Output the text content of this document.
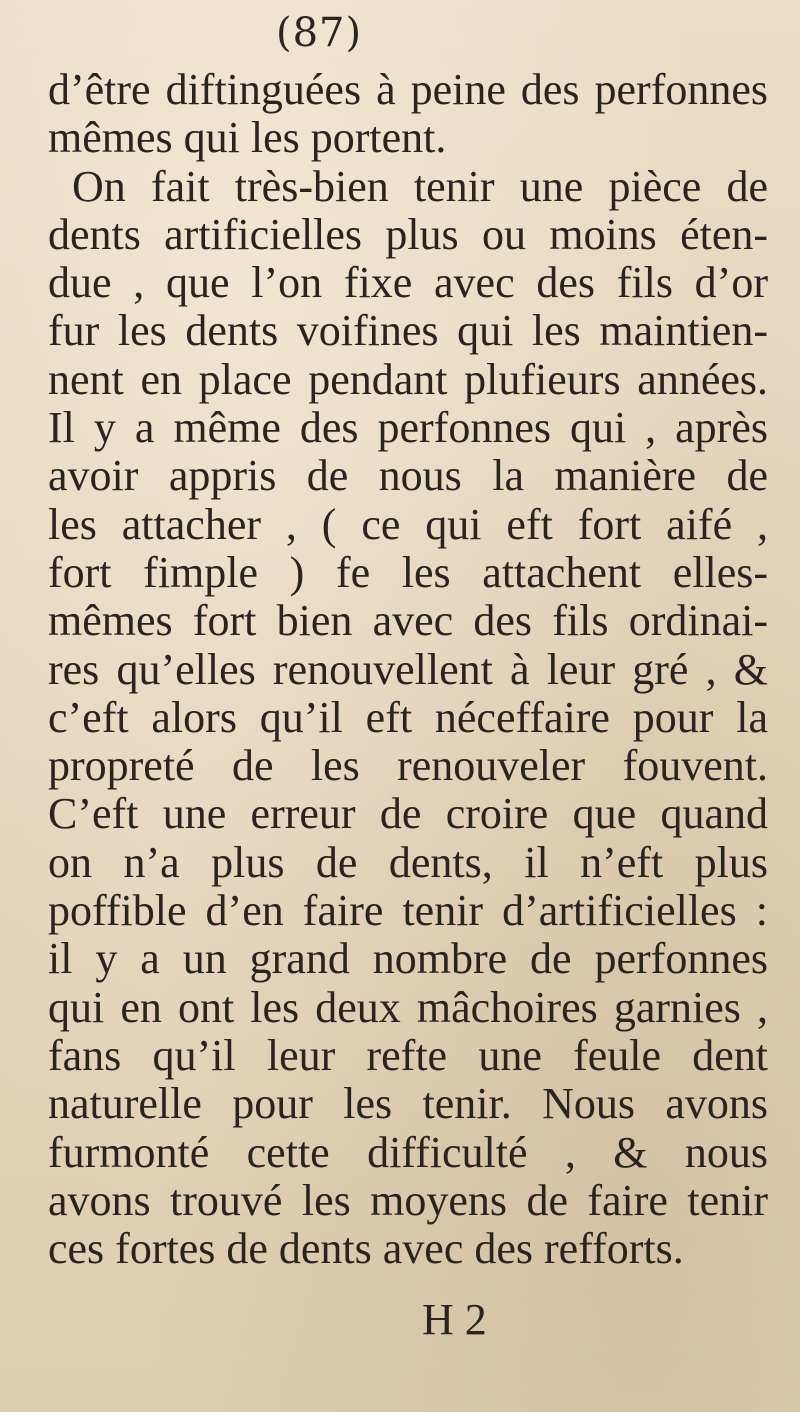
(87)
d’être diftinguées à peine des perfonnes
mêmes qui les portent.
On fait très-bien tenir une pièce de
dents artificielles plus ou moins éten-
due , que l’on fixe avec des fils d’or
fur les dents voifines qui les maintien-
nent en place pendant plufieurs années.
Il y a même des perfonnes qui , après
avoir appris de nous la manière de
les attacher , ( ce qui eft fort aifé ,
fort fimple ) fe les attachent elles-
mêmes fort bien avec des fils ordinai-
res qu’elles renouvellent à leur gré , &
c’eft alors qu’il eft néceffaire pour la
propreté de les renouveler fouvent.
C’eft une erreur de croire que quand
on n’a plus de dents, il n’eft plus
poffible d’en faire tenir d’artificielles :
il y a un grand nombre de perfonnes
qui en ont les deux mâchoires garnies ,
fans qu’il leur refte une feule dent
naturelle pour les tenir. Nous avons
furmonté cette difficulté , & nous
avons trouvé les moyens de faire tenir
ces fortes de dents avec des refforts.
H 2
